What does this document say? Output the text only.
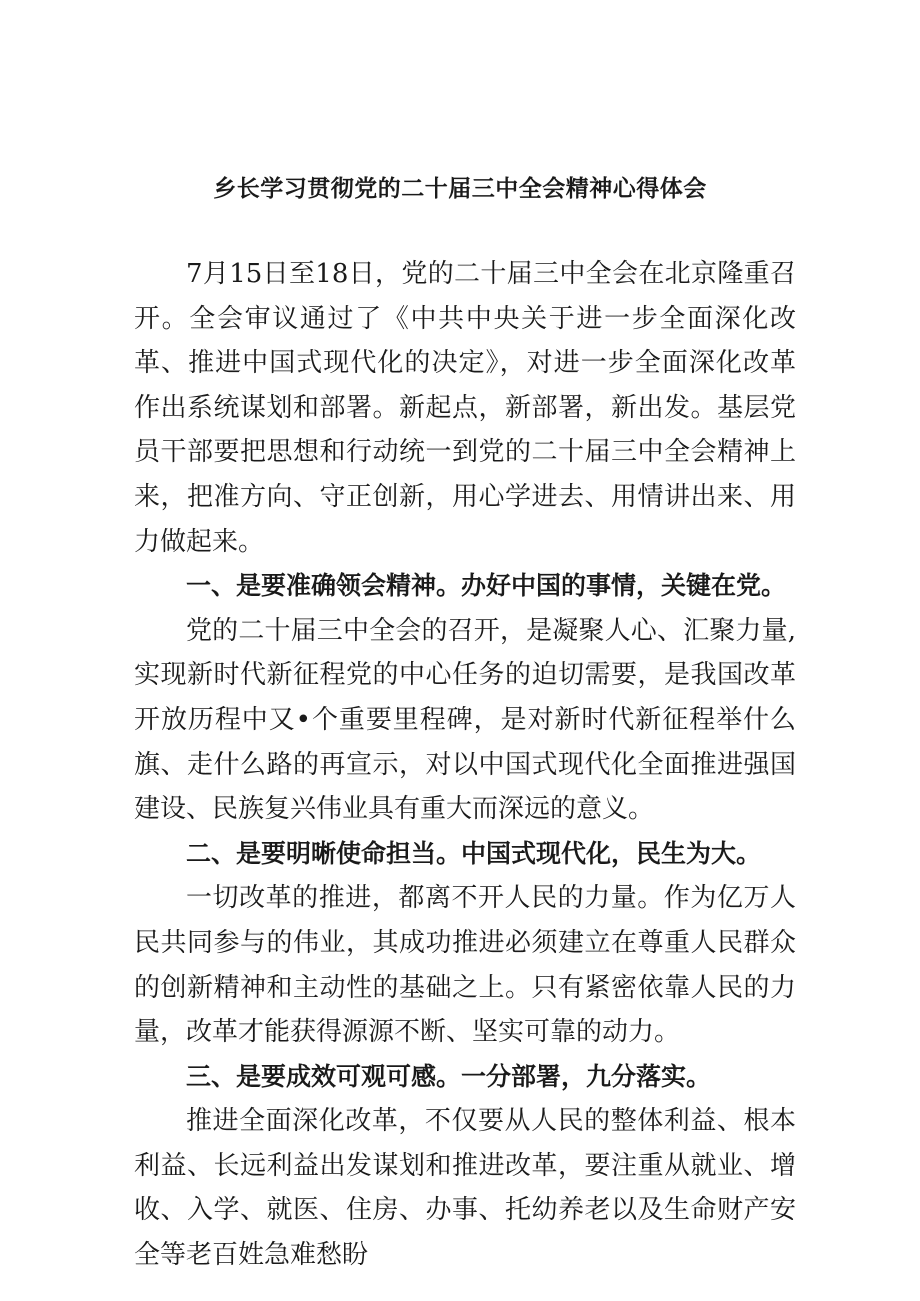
乡长学习贯彻党的二十届三中全会精神心得体会

7月15日至18日，党的二十届三中全会在北京隆重召开。全会审议通过了《中共中央关于进一步全面深化改革、推进中国式现代化的决定》，对进一步全面深化改革作出系统谋划和部署。新起点，新部署，新出发。基层党员干部要把思想和行动统一到党的二十届三中全会精神上来，把准方向、守正创新，用心学进去、用情讲出来、用力做起来。

一、是要准确领会精神。办好中国的事情，关键在党。

党的二十届三中全会的召开，是凝聚人心、汇聚力量,实现新时代新征程党的中心任务的迫切需要，是我国改革开放历程中又•个重要里程碑，是对新时代新征程举什么旗、走什么路的再宣示，对以中国式现代化全面推进强国建设、民族复兴伟业具有重大而深远的意义。

二、是要明晰使命担当。中国式现代化，民生为大。

一切改革的推进，都离不开人民的力量。作为亿万人民共同参与的伟业，其成功推进必须建立在尊重人民群众的创新精神和主动性的基础之上。只有紧密依靠人民的力量，改革才能获得源源不断、坚实可靠的动力。

三、是要成效可观可感。一分部署，九分落实。

推进全面深化改革，不仅要从人民的整体利益、根本利益、长远利益出发谋划和推进改革，要注重从就业、增收、入学、就医、住房、办事、托幼养老以及生命财产安全等老百姓急难愁盼
